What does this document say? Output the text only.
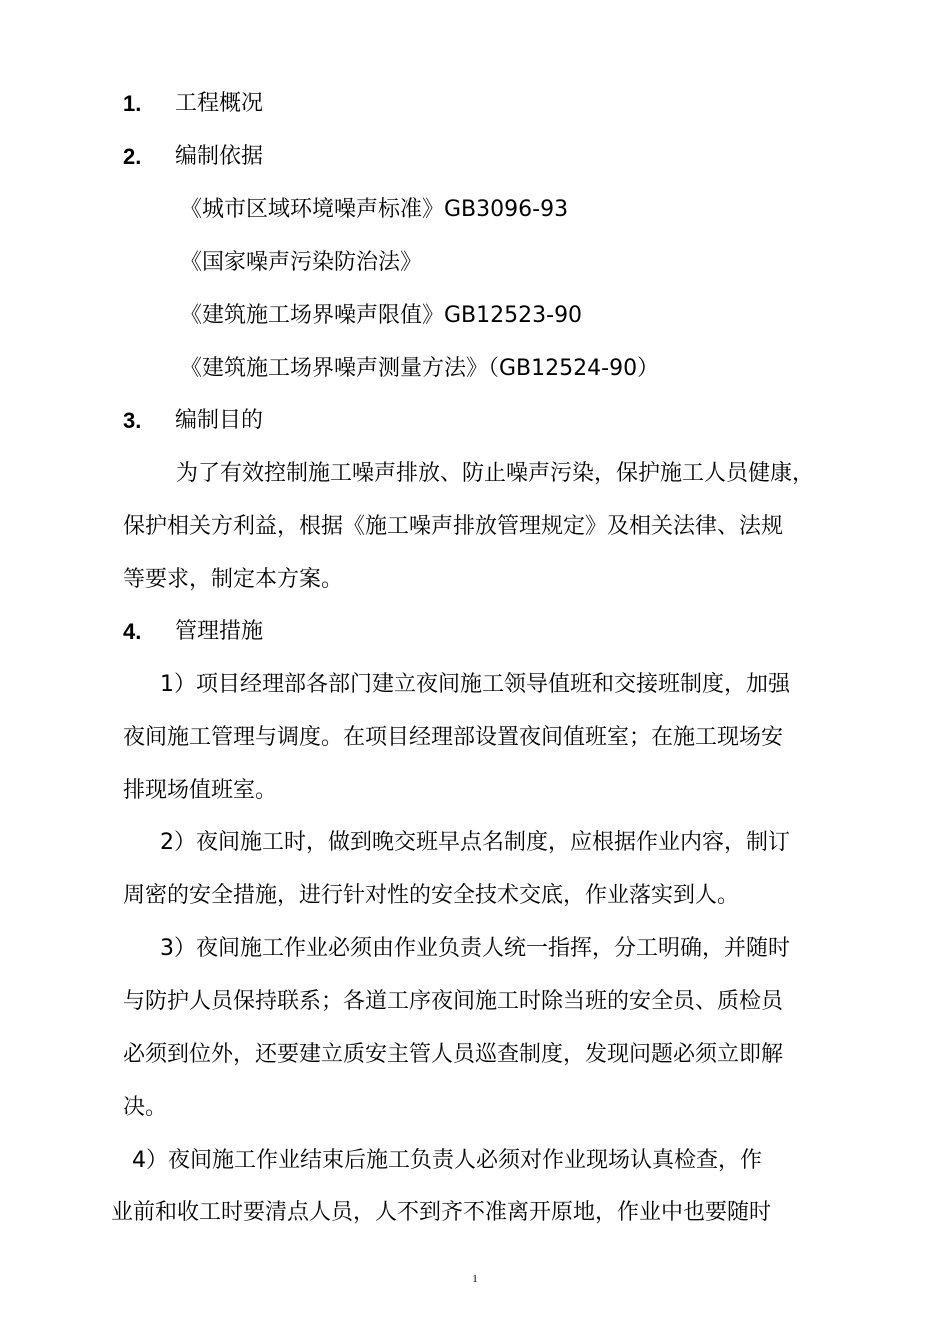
1. 工程概况
2. 编制依据
《城市区域环境噪声标准》GB3096-93
《国家噪声污染防治法》
《建筑施工场界噪声限值》GB12523-90
《建筑施工场界噪声测量方法》（GB12524-90）
3. 编制目的
为了有效控制施工噪声排放、防止噪声污染，保护施工人员健康，
保护相关方利益，根据《施工噪声排放管理规定》及相关法律、法规
等要求，制定本方案。
4. 管理措施
1）项目经理部各部门建立夜间施工领导值班和交接班制度，加强
夜间施工管理与调度。在项目经理部设置夜间值班室；在施工现场安
排现场值班室。
2）夜间施工时，做到晚交班早点名制度，应根据作业内容，制订
周密的安全措施，进行针对性的安全技术交底，作业落实到人。
3）夜间施工作业必须由作业负责人统一指挥，分工明确，并随时
与防护人员保持联系；各道工序夜间施工时除当班的安全员、质检员
必须到位外，还要建立质安主管人员巡查制度，发现问题必须立即解
决。
4）夜间施工作业结束后施工负责人必须对作业现场认真检查，作
业前和收工时要清点人员，人不到齐不准离开原地，作业中也要随时
1
